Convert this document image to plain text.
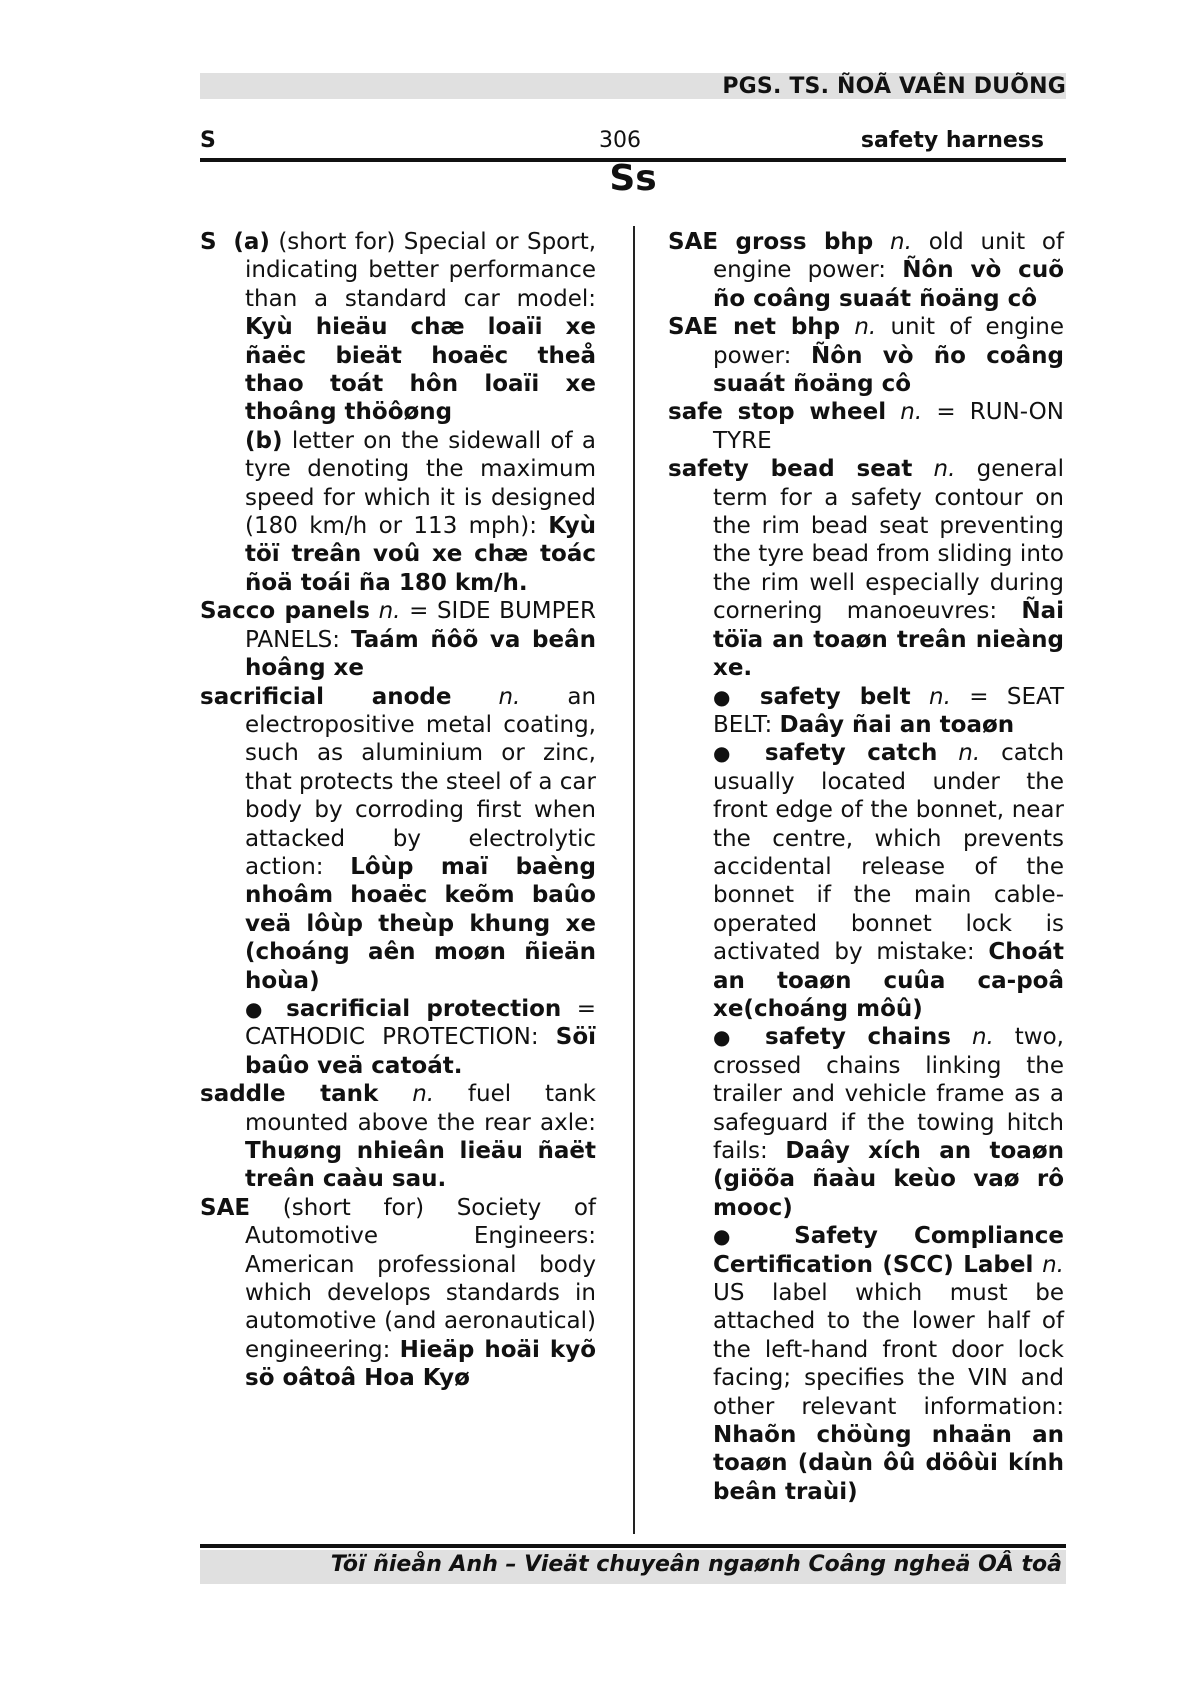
PGS. TS. ÑOÃ VAÊN DUÕNG
S	306	safety harness
Ss
S (a) (short for) Special or Sport, indicating better performance than a standard car model: Kyù hieäu chæ loaïi xe ñaëc bieät hoaëc theå thao toát hôn loaïi xe thoâng thöôøng
(b) letter on the sidewall of a tyre denoting the maximum speed for which it is designed (180 km/h or 113 mph): Kyù töï treân voû xe chæ toác ñoä toái ña 180 km/h.
Sacco panels n. = SIDE BUMPER PANELS: Taám ñôõ va beân hoâng xe
sacrificial anode n. an electropositive metal coating, such as aluminium or zinc, that protects the steel of a car body by corroding first when attacked by electrolytic action: Lôùp maï baèng nhoâm hoaëc keõm baûo veä lôùp theùp khung xe (choáng aên moøn ñieän hoùa)
● sacrificial protection = CATHODIC PROTECTION: Söï baûo veä catoát.
saddle tank n. fuel tank mounted above the rear axle: Thuøng nhieân lieäu ñaët treân caàu sau.
SAE (short for) Society of Automotive Engineers: American professional body which develops standards in automotive (and aeronautical) engineering: Hieäp hoäi kyõ sö oâtoâ Hoa Kyø
SAE gross bhp n. old unit of engine power: Ñôn vò cuõ ño coâng suaát ñoäng cô
SAE net bhp n. unit of engine power: Ñôn vò ño coâng suaát ñoäng cô
safe stop wheel n. = RUN-ON TYRE
safety bead seat n. general term for a safety contour on the rim bead seat preventing the tyre bead from sliding into the rim well especially during cornering manoeuvres: Ñai töïa an toaøn treân nieàng xe.
● safety belt n. = SEAT BELT: Daây ñai an toaøn
● safety catch n. catch usually located under the front edge of the bonnet, near the centre, which prevents accidental release of the bonnet if the main cable-operated bonnet lock is activated by mistake: Choát an toaøn cuûa ca-poâ xe(choáng môû)
● safety chains n. two, crossed chains linking the trailer and vehicle frame as a safeguard if the towing hitch fails: Daây xích an toaøn (giöõa ñaàu keùo vaø rô mooc)
● Safety Compliance Certification (SCC) Label n. US label which must be attached to the lower half of the left-hand front door lock facing; specifies the VIN and other relevant information: Nhaõn chöùng nhaän an toaøn (daùn ôû döôùi kính beân traùi)
Töï ñieån Anh – Vieät chuyeân ngaønh Coâng ngheä OÂ toâ
